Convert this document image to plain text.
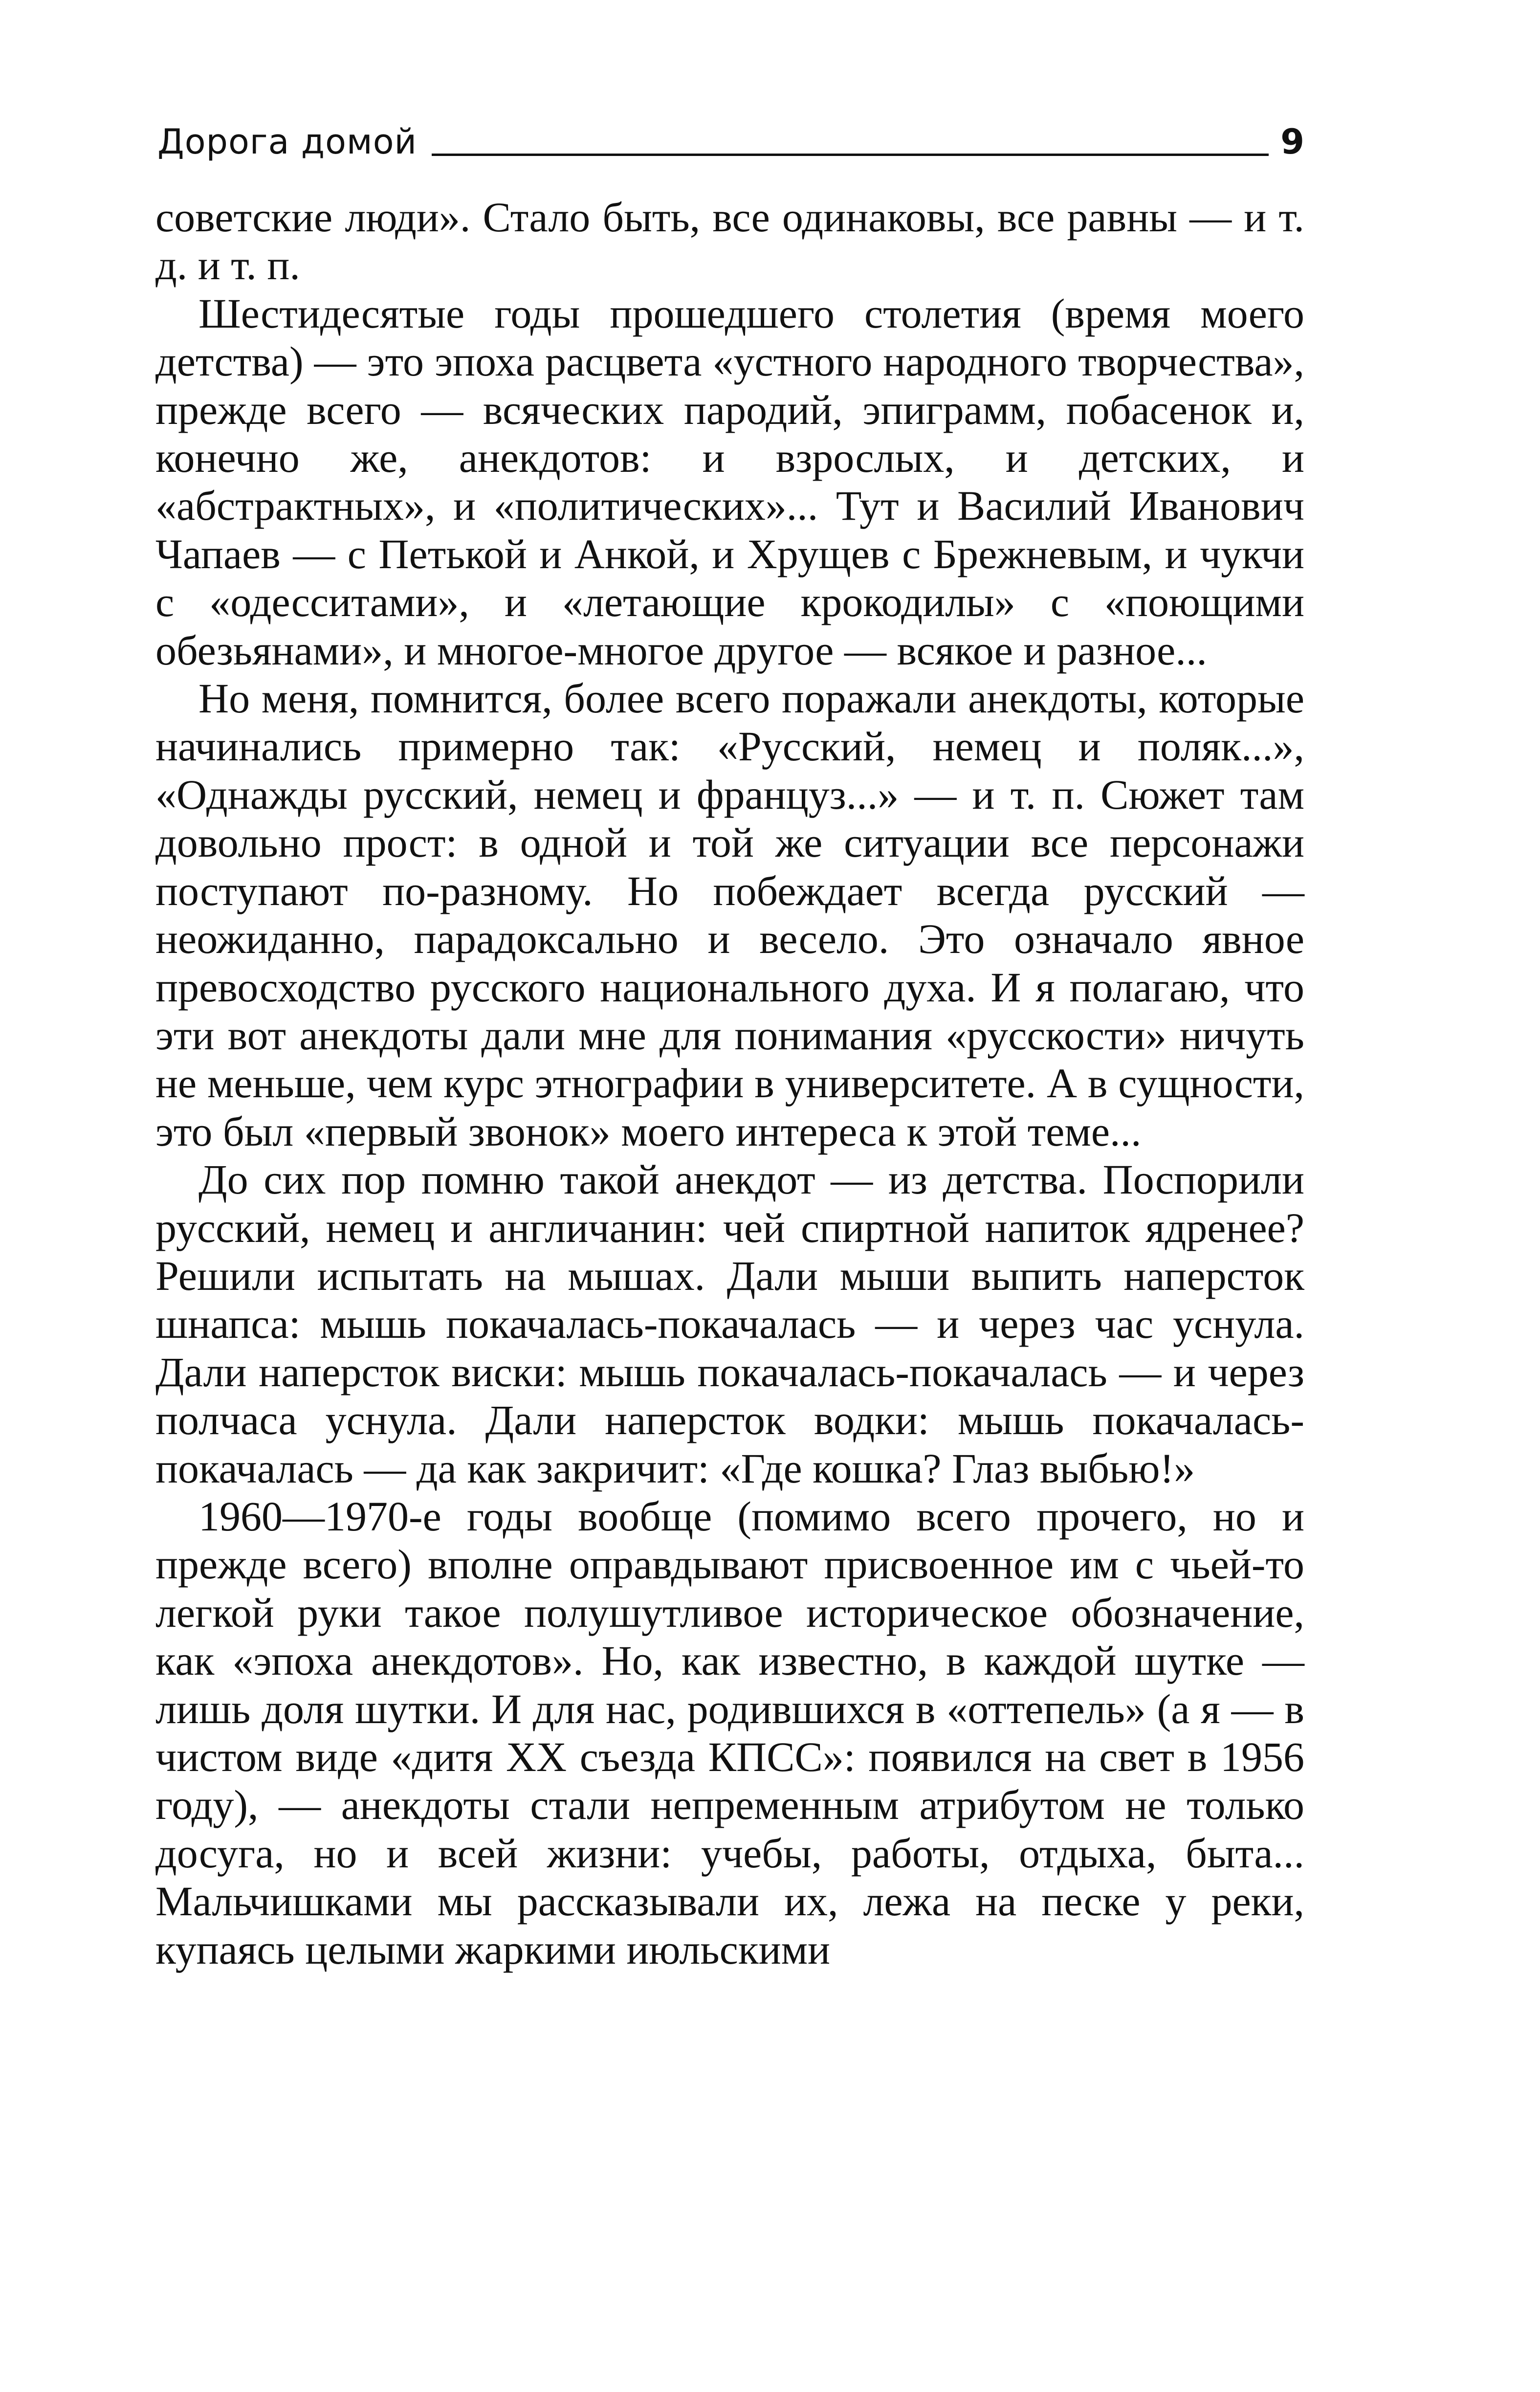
Дорога домой	9

советские люди». Стало быть, все одинаковы, все равны — и т. д. и т. п.

Шестидесятые годы прошедшего столетия (время моего детства) — это эпоха расцвета «устного народного творчества», прежде всего — всяческих пародий, эпиграмм, побасенок и, конечно же, анекдотов: и взрослых, и детских, и «абстрактных», и «политических»... Тут и Василий Иванович Чапаев — с Петькой и Анкой, и Хрущев с Брежневым, и чукчи с «одесситами», и «летающие крокодилы» с «поющими обезьянами», и многое-многое другое — всякое и разное...

Но меня, помнится, более всего поражали анекдоты, которые начинались примерно так: «Русский, немец и поляк...», «Однажды русский, немец и француз...» — и т. п. Сюжет там довольно прост: в одной и той же ситуации все персонажи поступают по-разному. Но побеждает всегда русский — неожиданно, парадоксально и весело. Это означало явное превосходство русского национального духа. И я полагаю, что эти вот анекдоты дали мне для понимания «русскости» ничуть не меньше, чем курс этнографии в университете. А в сущности, это был «первый звонок» моего интереса к этой теме...

До сих пор помню такой анекдот — из детства. Поспорили русский, немец и англичанин: чей спиртной напиток ядренее? Решили испытать на мышах. Дали мыши выпить наперсток шнапса: мышь покачалась-покачалась — и через час уснула. Дали наперсток виски: мышь покачалась-покачалась — и через полчаса уснула. Дали наперсток водки: мышь покачалась-покачалась — да как закричит: «Где кошка? Глаз выбью!»

1960—1970-е годы вообще (помимо всего прочего, но и прежде всего) вполне оправдывают присвоенное им с чьей-то легкой руки такое полушутливое историческое обозначение, как «эпоха анекдотов». Но, как известно, в каждой шутке — лишь доля шутки. И для нас, родившихся в «оттепель» (а я — в чистом виде «дитя XX съезда КПСС»: появился на свет в 1956 году), — анекдоты стали непременным атрибутом не только досуга, но и всей жизни: учебы, работы, отдыха, быта... Мальчишками мы рассказывали их, лежа на песке у реки, купаясь целыми жаркими июльскими
